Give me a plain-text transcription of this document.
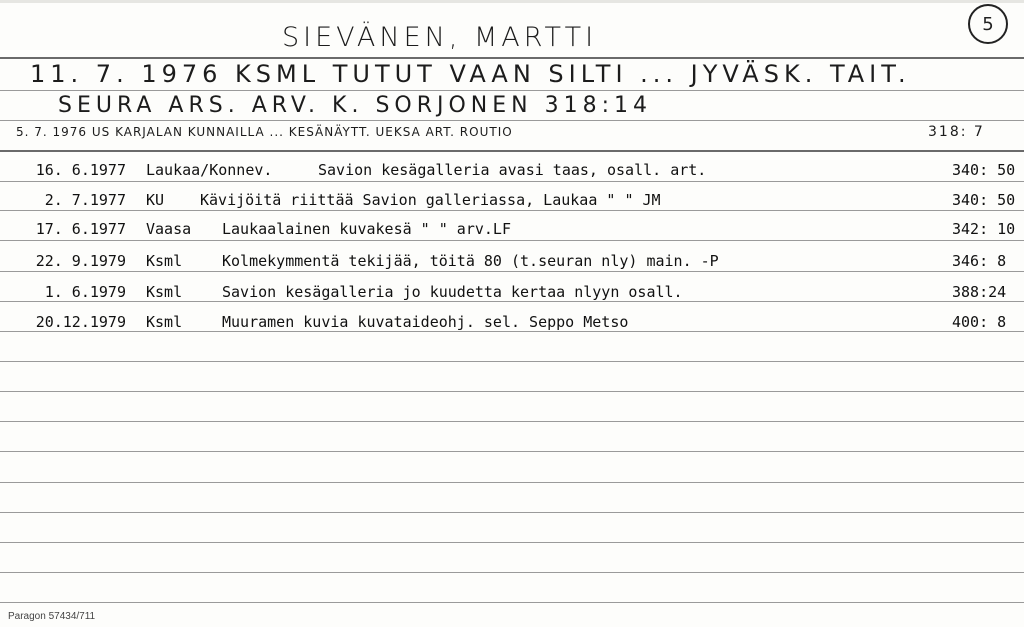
SIEVÄNEN, MARTTI	5
11. 7. 1976 KSML TUTUT VAAN SILTI ... JYVÄSK. TAIT.
SEURA ARS. ARV. K. SORJONEN 318:14
5. 7. 1976 US KARJALAN KUNNAILLA ... KESÄNÄYTT. UEKSA ART. ROUTIO	318: 7
16. 6.1977 Laukaa/Konnev.	Savion kesägalleria avasi taas, osall. art.	340: 50
2. 7.1977 KU Kävijöitä riittää Savion galleriassa, Laukaa " " JM	340: 50
17. 6.1977 Vaasa Laukaalainen kuvakesä " " arv.LF	342: 10
22. 9.1979 Ksml	Kolmekymmentä tekijää, töitä 80 (t.seuran nly) main. -P	346: 8
1. 6.1979 Ksml	Savion kesägalleria jo kuudetta kertaa nlyyn osall.	388:24
20.12.1979 Ksml	Muuramen kuvia kuvataideohj. sel. Seppo Metso	400: 8
Paragon 57434/711
